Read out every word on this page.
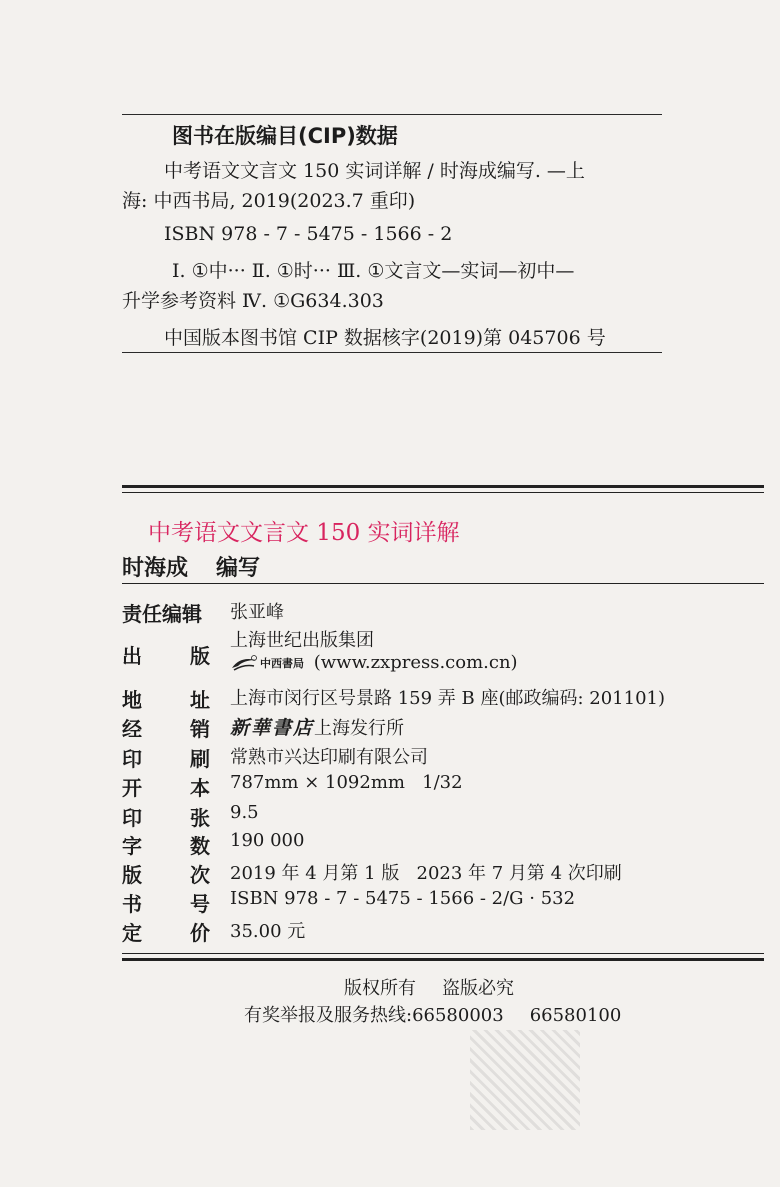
图书在版编目(CIP)数据
中考语文文言文 150 实词详解 / 时海成编写. —上
海: 中西书局, 2019(2023.7 重印)
ISBN 978 - 7 - 5475 - 1566 - 2
Ⅰ. ①中··· Ⅱ. ①时··· Ⅲ. ①文言文—实词—初中—
升学参考资料 Ⅳ. ①G634.303
中国版本图书馆 CIP 数据核字(2019)第 045706 号
中考语文文言文 150 实词详解
时海成 编写
责任编辑 张亚峰
出 版
上海世纪出版集团
中西書局 (www.zxpress.com.cn)
地 址 上海市闵行区号景路 159 弄 B 座(邮政编码: 201101)
经 销 新華書店上海发行所
印 刷 常熟市兴达印刷有限公司
开 本 787mm × 1092mm   1/32
印 张 9.5
字 数 190 000
版 次 2019 年 4 月第 1 版   2023 年 7 月第 4 次印刷
书 号 ISBN 978 - 7 - 5475 - 1566 - 2/G · 532
定 价 35.00 元
版权所有 盗版必究
有奖举报及服务热线:66580003 66580100
